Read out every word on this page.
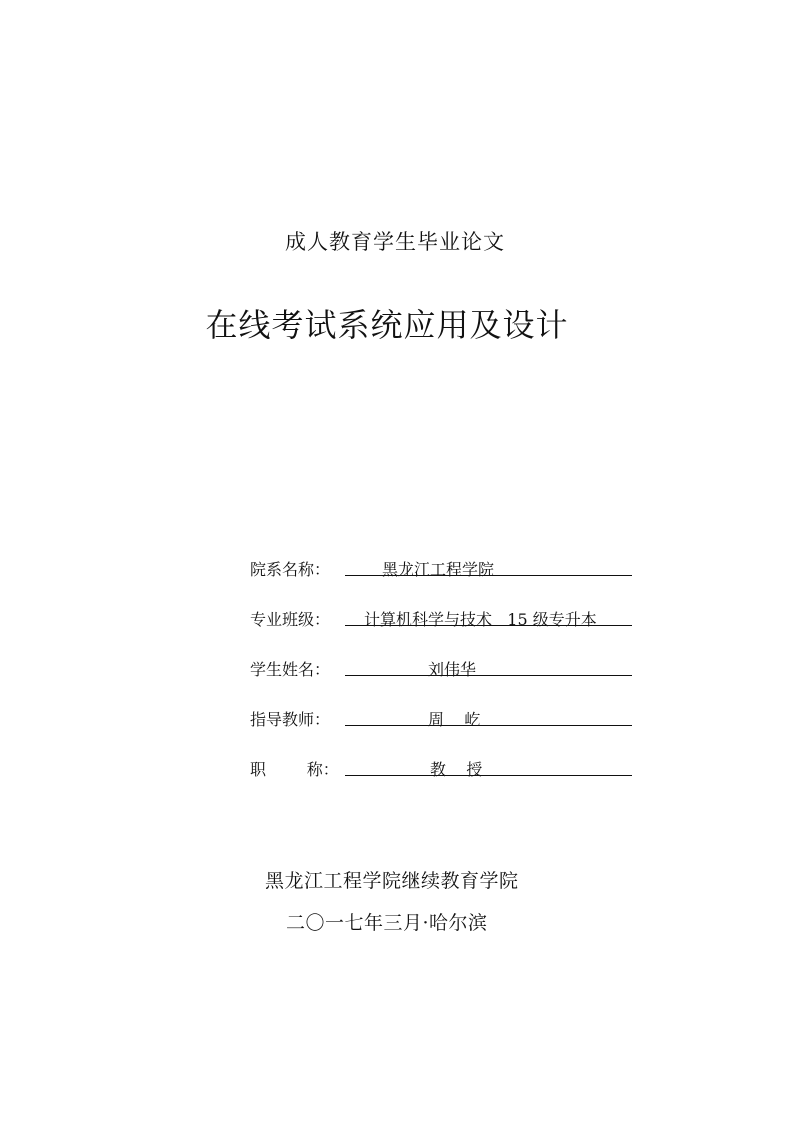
成人教育学生毕业论文
在线考试系统应用及设计
院系名称：	黑龙江工程学院
专业班级： 计算机科学与技术   15 级专升本
学生姓名：	刘伟华
指导教师：	周    屹
职        称：	教    授
黑龙江工程学院继续教育学院
二〇一七年三月·哈尔滨
